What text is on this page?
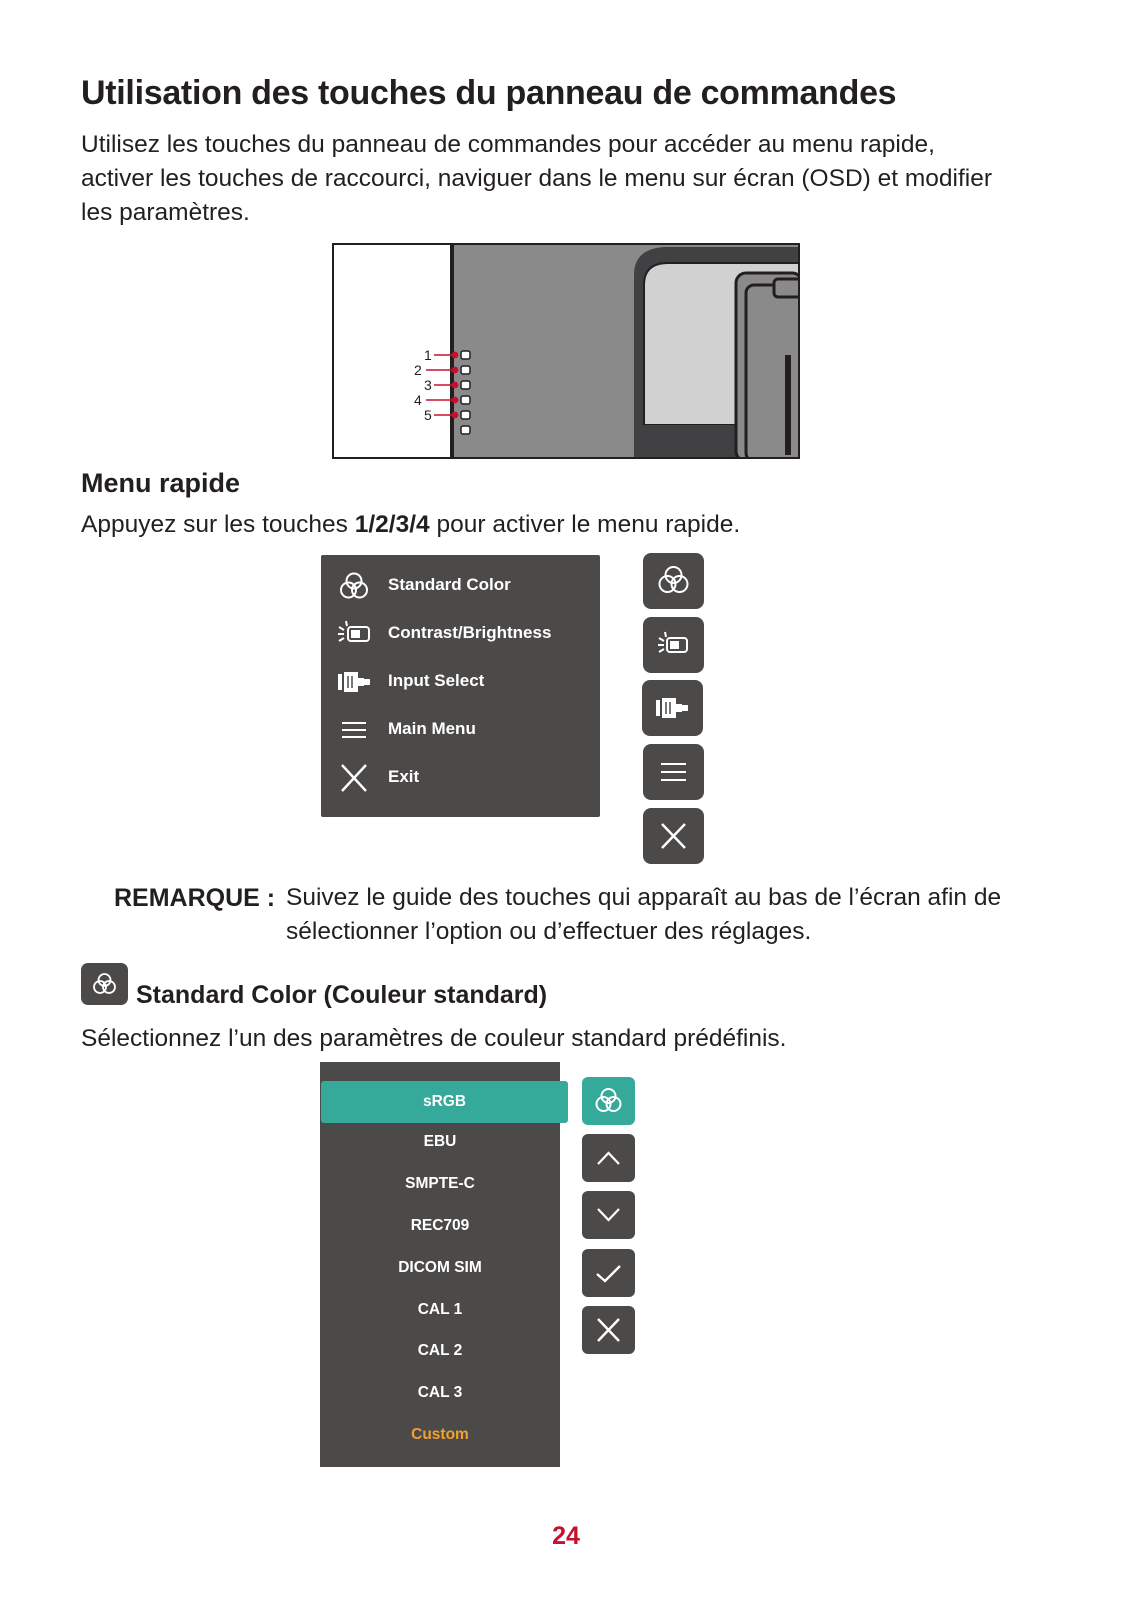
Utilisation des touches du panneau de commandes
Utilisez les touches du panneau de commandes pour accéder au menu rapide,
activer les touches de raccourci, naviguer dans le menu sur écran (OSD) et modifier
les paramètres.
1
2
3
4
5
Menu rapide
Appuyez sur les touches 1/2/3/4 pour activer le menu rapide.
Standard Color
Contrast/Brightness
Input Select
Main Menu
Exit
REMARQUE : Suivez le guide des touches qui apparaît au bas de l’écran afin de
sélectionner l’option ou d’effectuer des réglages.
Standard Color (Couleur standard)
Sélectionnez l’un des paramètres de couleur standard prédéfinis.
EBU
SMPTE-C
REC709
DICOM SIM
CAL 1
CAL 2
CAL 3
Custom
sRGB
24
